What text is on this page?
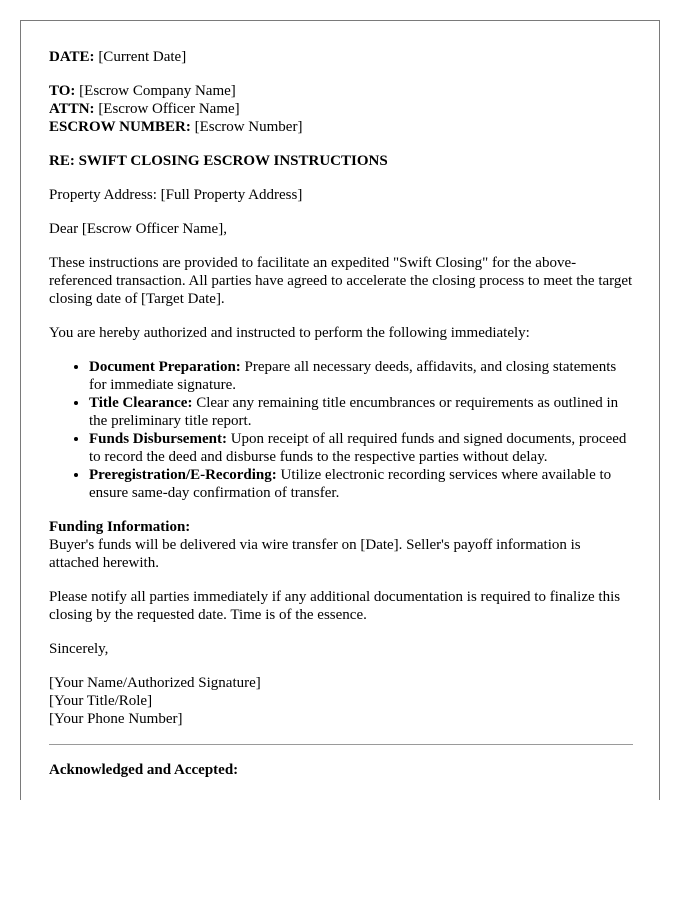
DATE: [Current Date]

TO: [Escrow Company Name]

ATTN: [Escrow Officer Name]

ESCROW NUMBER: [Escrow Number]

RE: SWIFT CLOSING ESCROW INSTRUCTIONS

Property Address: [Full Property Address]

Dear [Escrow Officer Name],

These instructions are provided to facilitate an expedited "Swift Closing" for the above-referenced transaction. All parties have agreed to accelerate the closing process to meet the target closing date of [Target Date].

You are hereby authorized and instructed to perform the following immediately:

• Document Preparation: Prepare all necessary deeds, affidavits, and closing statements for immediate signature.
• Title Clearance: Clear any remaining title encumbrances or requirements as outlined in the preliminary title report.
• Funds Disbursement: Upon receipt of all required funds and signed documents, proceed to record the deed and disburse funds to the respective parties without delay.
• Preregistration/E-Recording: Utilize electronic recording services where available to ensure same-day confirmation of transfer.

Funding Information:

Buyer's funds will be delivered via wire transfer on [Date]. Seller's payoff information is attached herewith.

Please notify all parties immediately if any additional documentation is required to finalize this closing by the requested date. Time is of the essence.

Sincerely,

[Your Name/Authorized Signature]

[Your Title/Role]

[Your Phone Number]

Acknowledged and Accepted:
